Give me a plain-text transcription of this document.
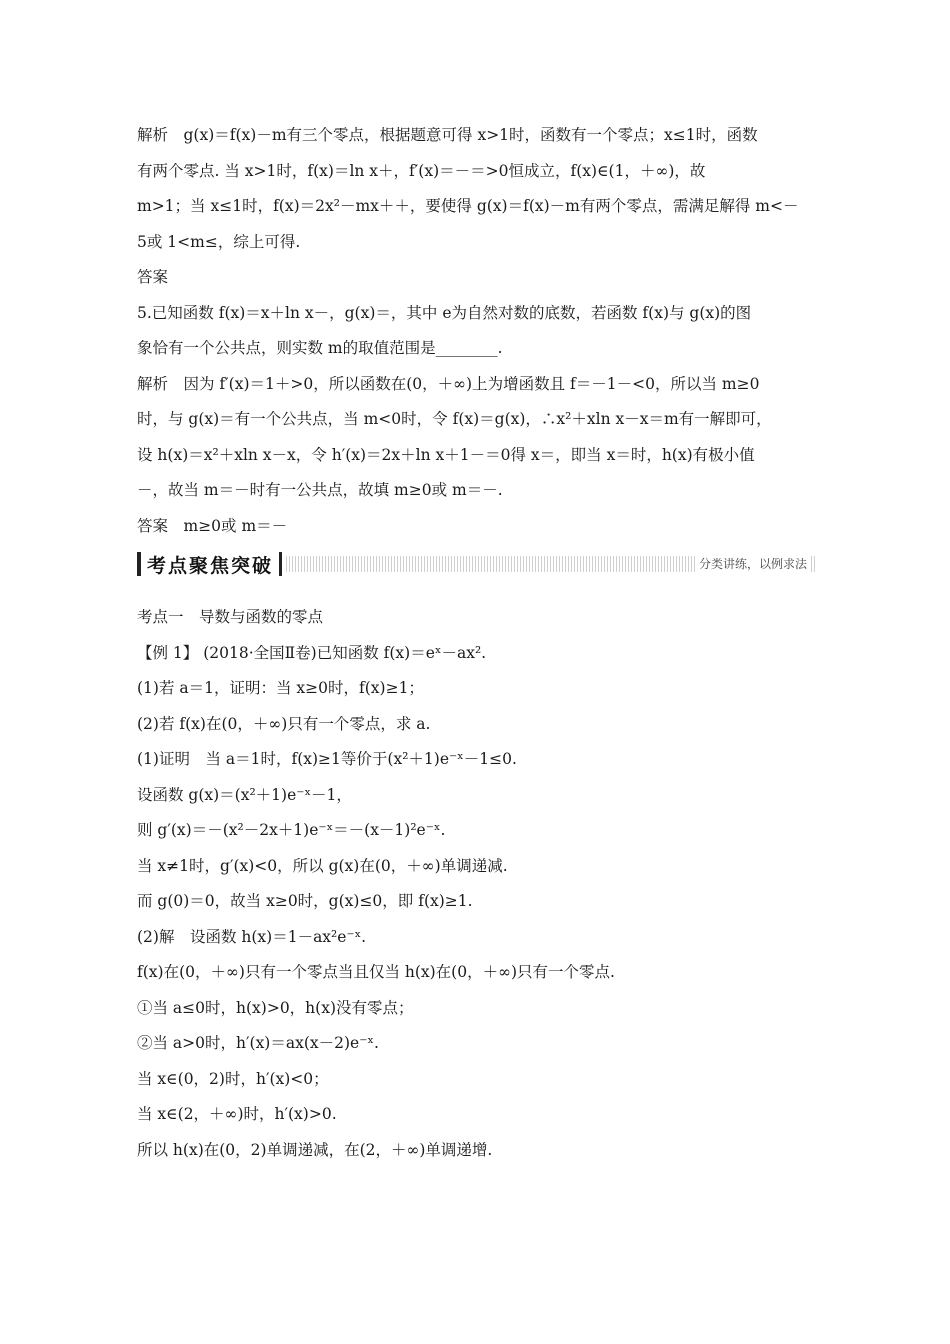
解析　g(x)＝f(x)－m有三个零点，根据题意可得 x>1时，函数有一个零点；x≤1时，函数
有两个零点. 当 x>1时，f(x)＝ln x＋，f′(x)＝－＝>0恒成立，f(x)∈(1，＋∞)，故
m>1；当 x≤1时，f(x)＝2x²－mx＋＋，要使得 g(x)＝f(x)－m有两个零点，需满足解得 m<－
5或 1<m≤，综上可得.
答案
5.已知函数 f(x)＝x＋ln x－，g(x)＝，其中 e为自然对数的底数，若函数 f(x)与 g(x)的图
象恰有一个公共点，则实数 m的取值范围是________.
解析　因为 f′(x)＝1＋>0，所以函数在(0，＋∞)上为增函数且 f＝－1－<0，所以当 m≥0
时，与 g(x)＝有一个公共点，当 m<0时，令 f(x)＝g(x)，∴x²＋xln x－x＝m有一解即可，
设 h(x)＝x²＋xln x－x，令 h′(x)＝2x＋ln x＋1－＝0得 x＝，即当 x＝时，h(x)有极小值
－，故当 m＝－时有一公共点，故填 m≥0或 m＝－.
答案　m≥0或 m＝－
考点聚焦突破	分类讲练，以例求法
考点一　导数与函数的零点
【例 1】 (2018·全国Ⅱ卷)已知函数 f(x)＝eˣ－ax².
(1)若 a＝1，证明：当 x≥0时，f(x)≥1；
(2)若 f(x)在(0，＋∞)只有一个零点，求 a.
(1)证明　当 a＝1时，f(x)≥1等价于(x²＋1)e⁻ˣ－1≤0.
设函数 g(x)＝(x²＋1)e⁻ˣ－1，
则 g′(x)＝－(x²－2x＋1)e⁻ˣ＝－(x－1)²e⁻ˣ.
当 x≠1时，g′(x)<0，所以 g(x)在(0，＋∞)单调递减.
而 g(0)＝0，故当 x≥0时，g(x)≤0，即 f(x)≥1.
(2)解　设函数 h(x)＝1－ax²e⁻ˣ.
f(x)在(0，＋∞)只有一个零点当且仅当 h(x)在(0，＋∞)只有一个零点.
①当 a≤0时，h(x)>0，h(x)没有零点；
②当 a>0时，h′(x)＝ax(x－2)e⁻ˣ.
当 x∈(0，2)时，h′(x)<0；
当 x∈(2，＋∞)时，h′(x)>0.
所以 h(x)在(0，2)单调递减，在(2，＋∞)单调递增.
